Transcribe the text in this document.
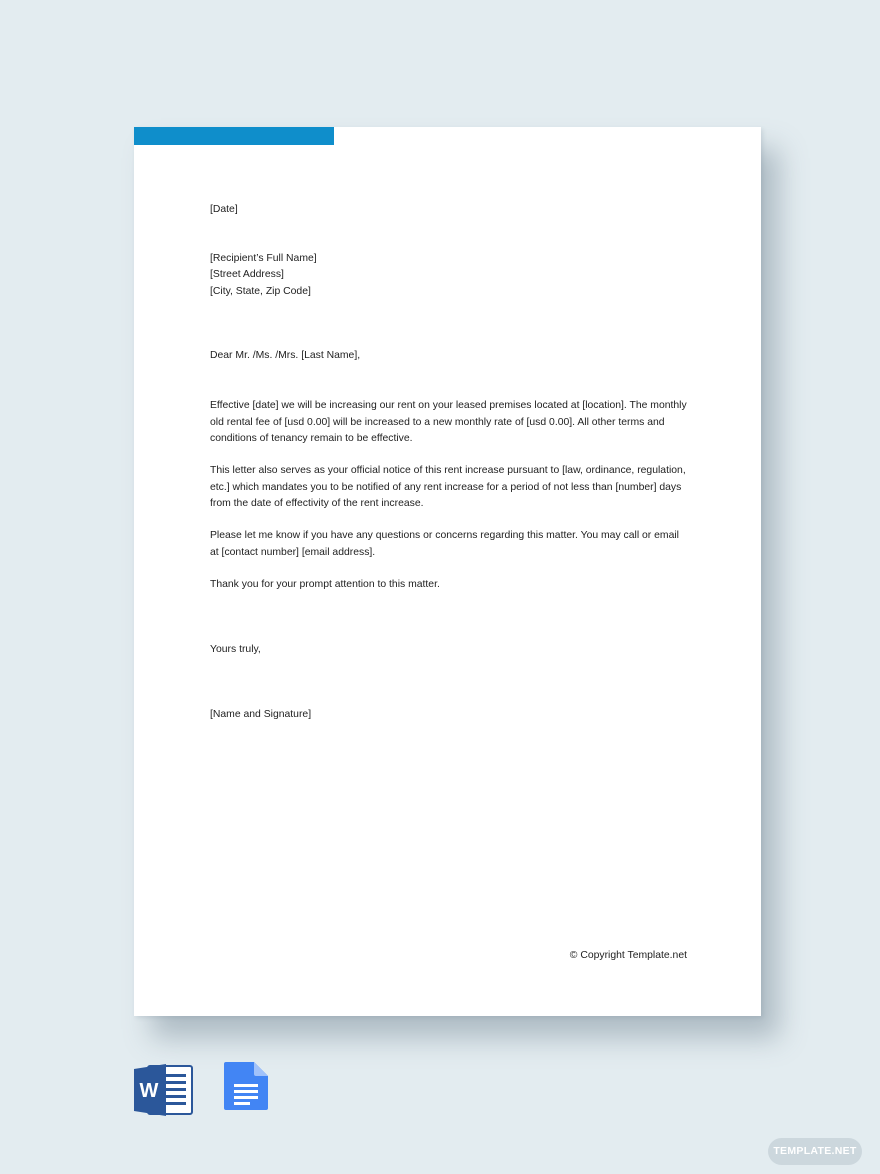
[Date]

[Recipient’s Full Name]

[Street Address]

[City, State, Zip Code]

Dear Mr. /Ms. /Mrs. [Last Name],

Effective [date] we will be increasing our rent on your leased premises located at [location]. The monthly old rental fee of [usd 0.00] will be increased to a new monthly rate of [usd 0.00]. All other terms and conditions of tenancy remain to be effective.

This letter also serves as your official notice of this rent increase pursuant to [law, ordinance, regulation, etc.] which mandates you to be notified of any rent increase for a period of not less than [number] days from the date of effectivity of the rent increase.

Please let me know if you have any questions or concerns regarding this matter. You may call or email at [contact number] [email address].

Thank you for your prompt attention to this matter.

Yours truly,

[Name and Signature]

© Copyright Template.net

W
TEMPLATE.NET
